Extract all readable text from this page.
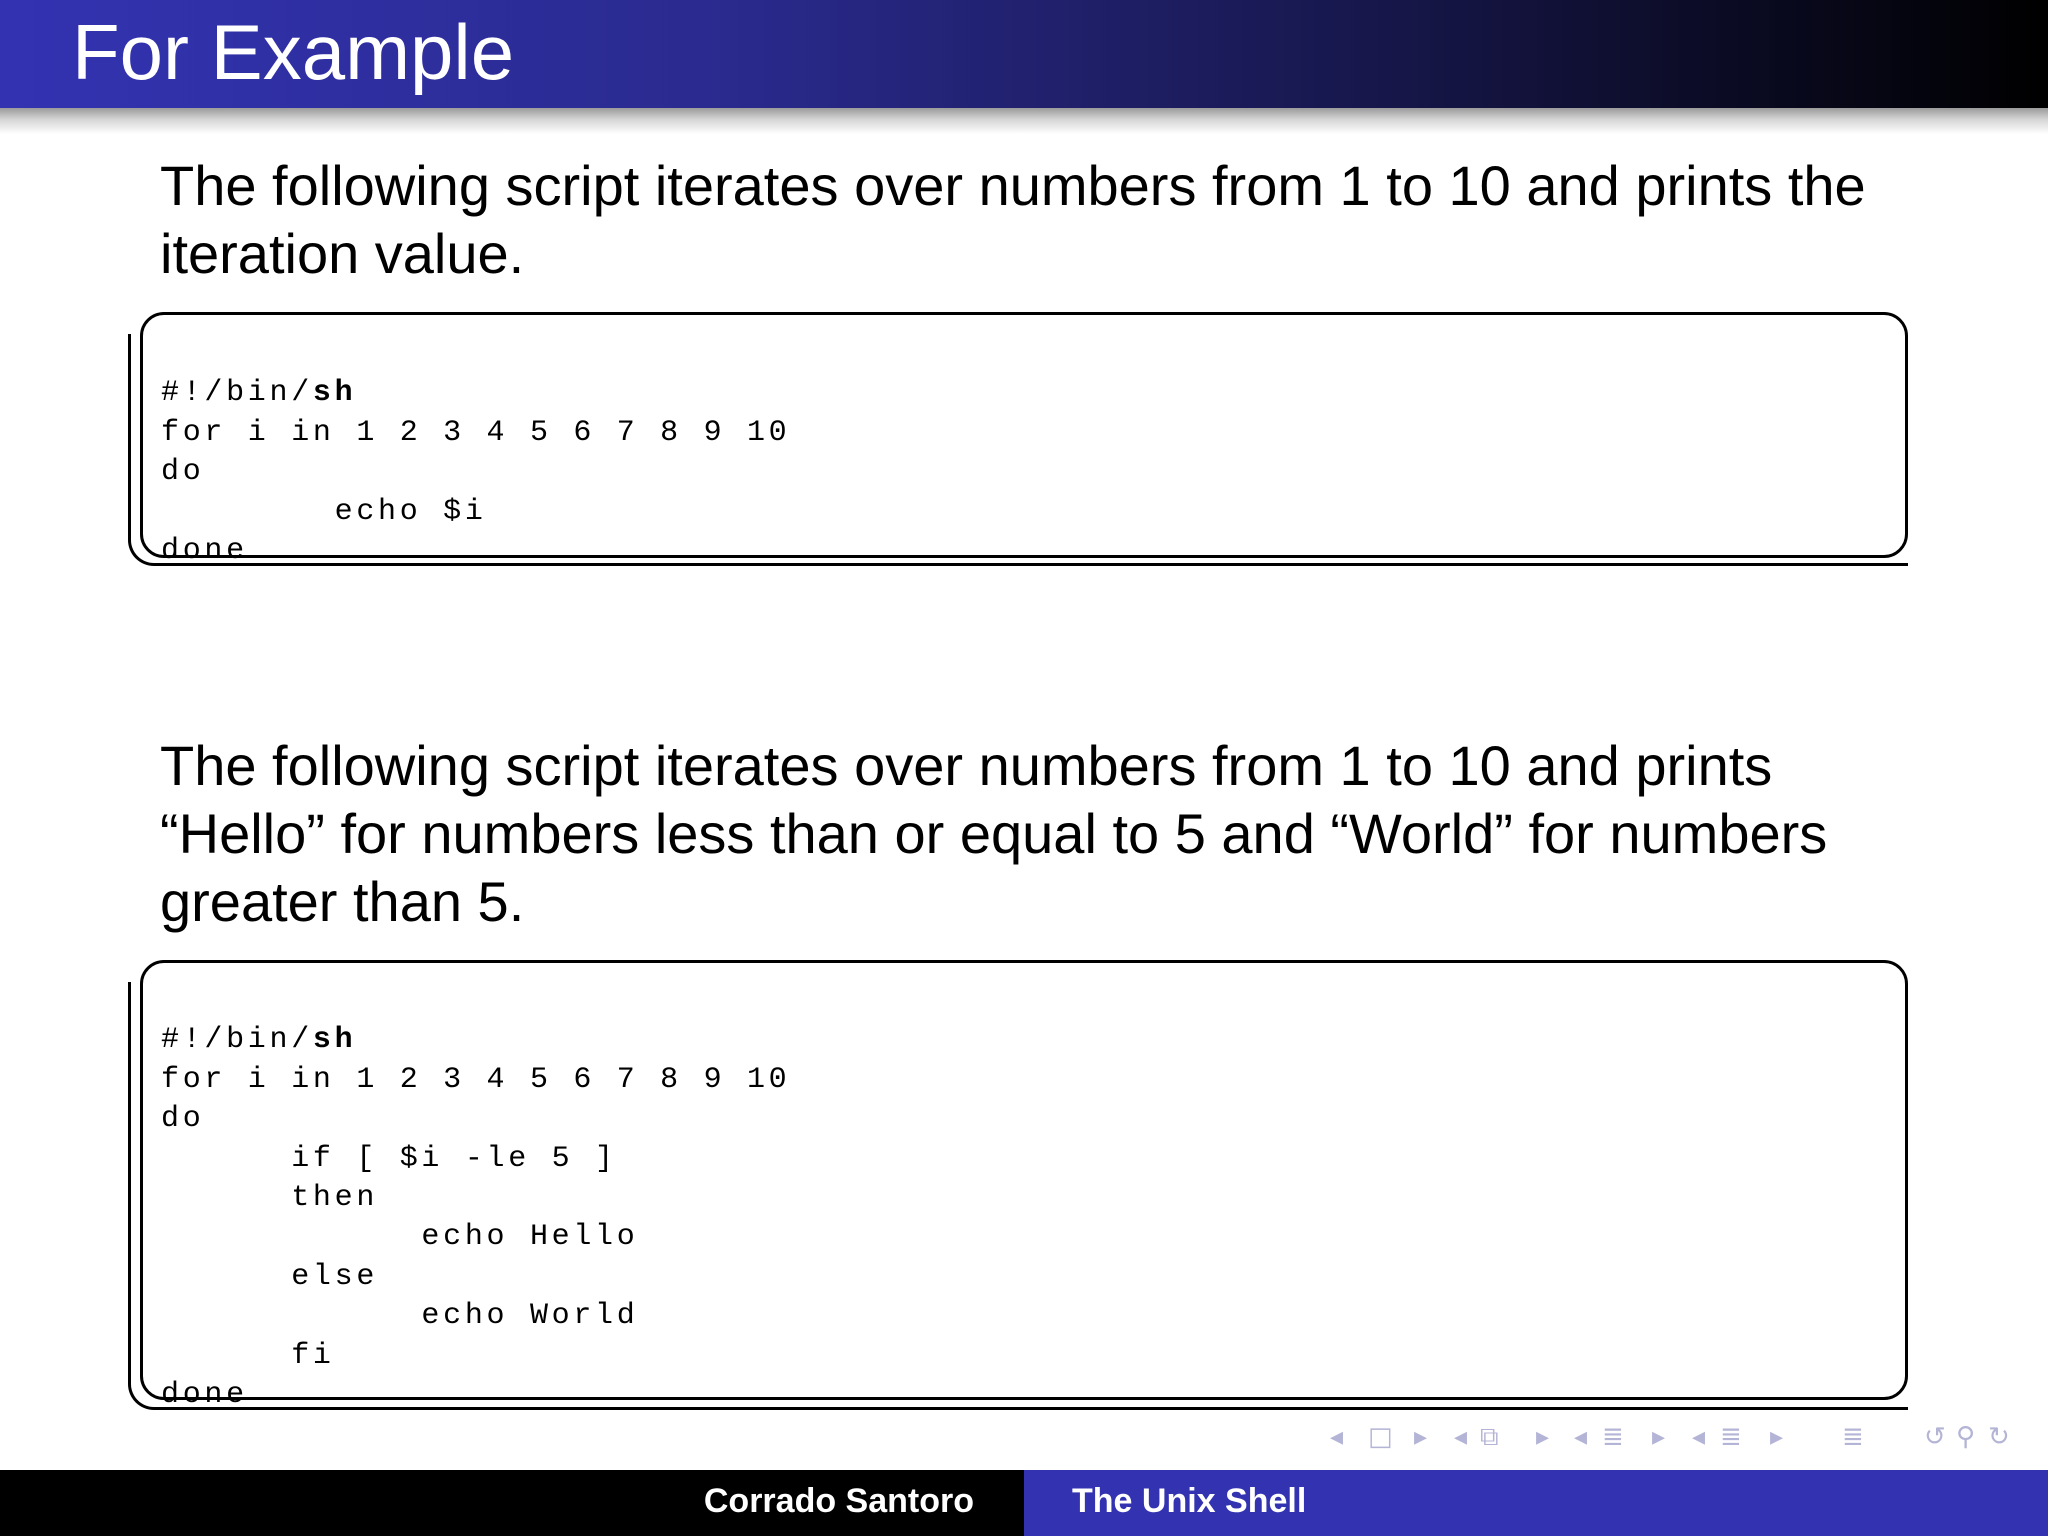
For Example
The following script iterates over numbers from 1 to 10 and prints the
iteration value.

#!/bin/sh
for i in 1 2 3 4 5 6 7 8 9 10
do
echo $i
done

The following script iterates over numbers from 1 to 10 and prints
“Hello” for numbers less than or equal to 5 and “World” for numbers
greater than 5.

#!/bin/sh
for i in 1 2 3 4 5 6 7 8 9 10
do
if [ $i -le 5 ]
then
echo Hello
else
echo World
fi
done

◂ □ ▸ ◂ ⧉ ▸ ◂ ≣ ▸ ◂ ≣ ▸ ≣ ↺ ⚲ ↻
Corrado Santoro	The Unix Shell
